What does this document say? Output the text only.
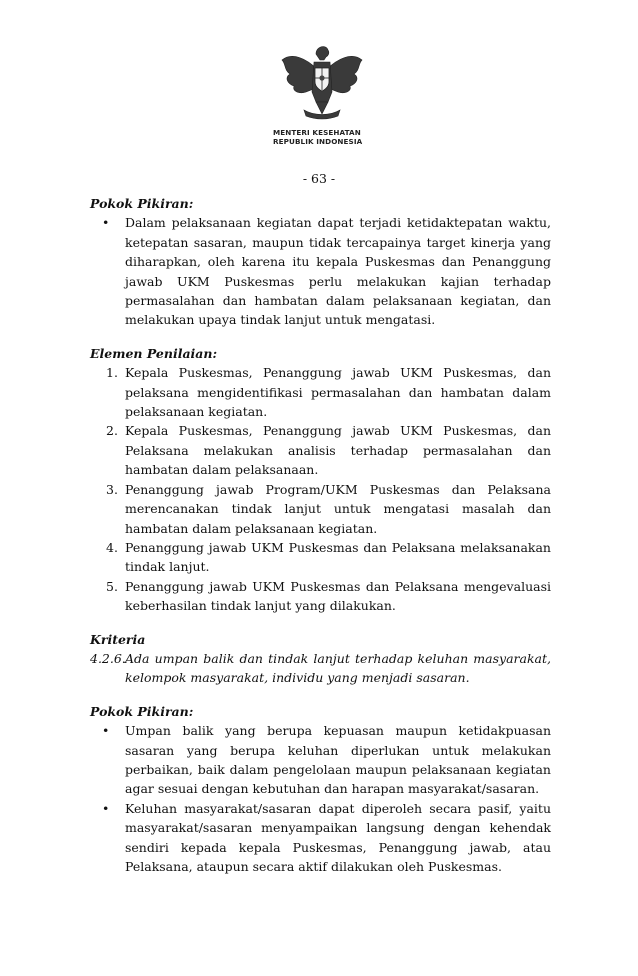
MENTERI KESEHATAN
REPUBLIK INDONESIA
- 63 -

Pokok Pikiran:

• Dalam pelaksanaan kegiatan dapat terjadi ketidaktepatan waktu, ketepatan sasaran, maupun tidak tercapainya target kinerja yang diharapkan, oleh karena itu kepala Puskesmas dan Penanggung jawab UKM Puskesmas perlu melakukan kajian terhadap permasalahan dan hambatan dalam pelaksanaan kegiatan, dan melakukan upaya tindak lanjut untuk mengatasi.

Elemen Penilaian:

1. Kepala Puskesmas, Penanggung jawab UKM Puskesmas, dan pelaksana mengidentifikasi permasalahan dan hambatan dalam pelaksanaan kegiatan.
2. Kepala Puskesmas, Penanggung jawab UKM Puskesmas, dan Pelaksana melakukan analisis terhadap permasalahan dan hambatan dalam pelaksanaan.
3. Penanggung jawab Program/UKM Puskesmas dan Pelaksana merencanakan tindak lanjut untuk mengatasi masalah dan hambatan dalam pelaksanaan kegiatan.
4. Penanggung jawab UKM Puskesmas dan Pelaksana melaksanakan tindak lanjut.
5. Penanggung jawab UKM Puskesmas dan Pelaksana mengevaluasi keberhasilan tindak lanjut yang dilakukan.

Kriteria

4.2.6. Ada umpan balik dan tindak lanjut terhadap keluhan masyarakat, kelompok masyarakat, individu yang menjadi sasaran.

Pokok Pikiran:

• Umpan balik yang berupa kepuasan maupun ketidakpuasan sasaran yang berupa keluhan diperlukan untuk melakukan perbaikan, baik dalam pengelolaan maupun pelaksanaan kegiatan agar sesuai dengan kebutuhan dan harapan masyarakat/sasaran.
• Keluhan masyarakat/sasaran dapat diperoleh secara pasif, yaitu masyarakat/sasaran menyampaikan langsung dengan kehendak sendiri kepada kepala Puskesmas, Penanggung jawab, atau Pelaksana, ataupun secara aktif dilakukan oleh Puskesmas.
